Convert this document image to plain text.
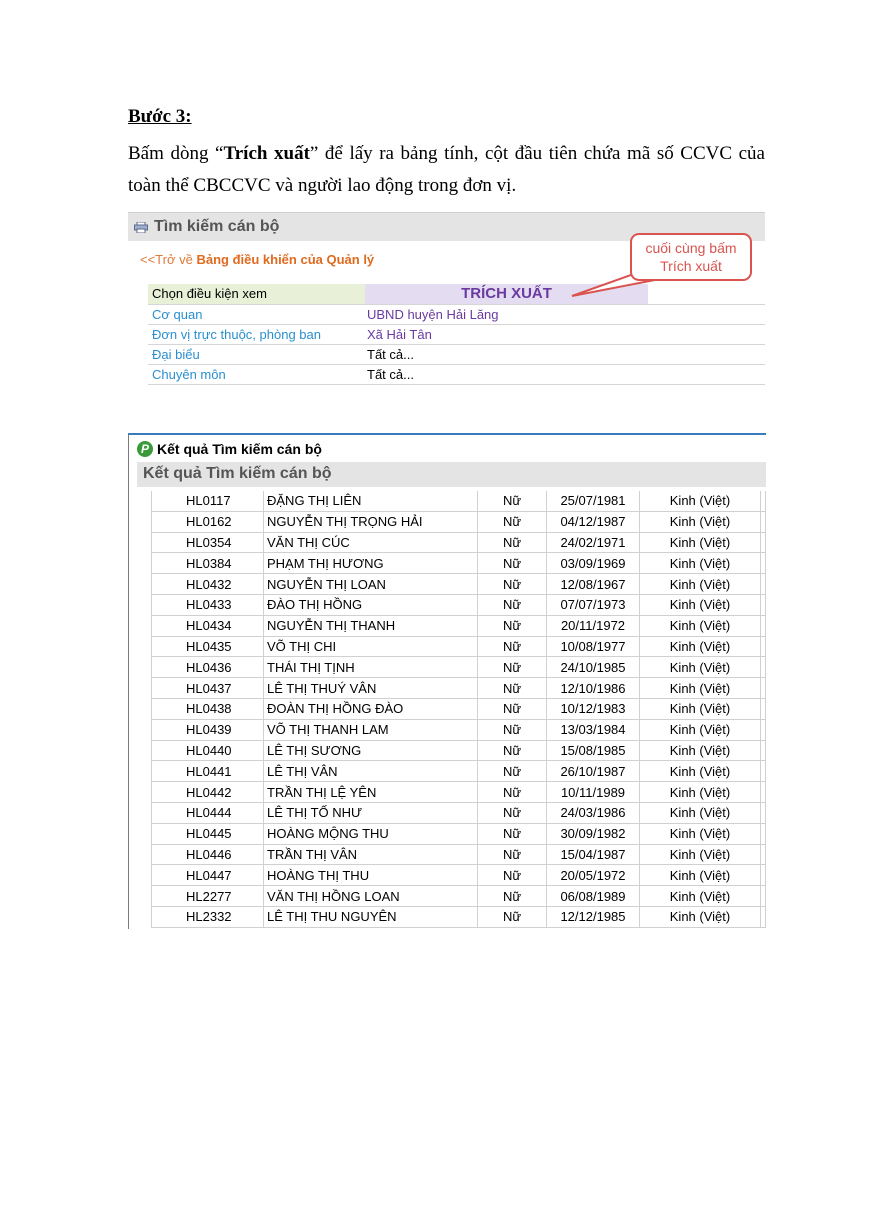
Bước 3:
Bấm dòng “Trích xuất” để lấy ra bảng tính, cột đầu tiên chứa mã số CCVC của toàn thể CBCCVC và người lao động trong đơn vị.
Tìm kiếm cán bộ
<<Trở về Bảng điều khiển của Quản lý
Chọn điều kiện xem	TRÍCH XUẤT	
Cơ quan	UBND huyện Hải Lăng	
Đơn vị trực thuộc, phòng ban	Xã Hải Tân	
Đại biểu	Tất cả...	
Chuyên môn	Tất cả...	
cuối cùng bấm
Trích xuất
P Kết quả Tìm kiếm cán bộ
Kết quả Tìm kiếm cán bộ
HL0117	ĐẶNG THỊ LIÊN	Nữ	25/07/1981	Kinh (Việt)	
HL0162	NGUYỄN THỊ TRỌNG HẢI	Nữ	04/12/1987	Kinh (Việt)	
HL0354	VĂN THỊ CÚC	Nữ	24/02/1971	Kinh (Việt)	
HL0384	PHẠM THỊ HƯƠNG	Nữ	03/09/1969	Kinh (Việt)	
HL0432	NGUYỄN THỊ LOAN	Nữ	12/08/1967	Kinh (Việt)	
HL0433	ĐÀO THỊ HỒNG	Nữ	07/07/1973	Kinh (Việt)	
HL0434	NGUYỄN THỊ THANH	Nữ	20/11/1972	Kinh (Việt)	
HL0435	VÕ THỊ CHI	Nữ	10/08/1977	Kinh (Việt)	
HL0436	THÁI THỊ TỊNH	Nữ	24/10/1985	Kinh (Việt)	
HL0437	LÊ THỊ THUÝ VÂN	Nữ	12/10/1986	Kinh (Việt)	
HL0438	ĐOÀN THỊ HỒNG ĐÀO	Nữ	10/12/1983	Kinh (Việt)	
HL0439	VÕ THỊ THANH LAM	Nữ	13/03/1984	Kinh (Việt)	
HL0440	LÊ THỊ SƯƠNG	Nữ	15/08/1985	Kinh (Việt)	
HL0441	LÊ THỊ VÂN	Nữ	26/10/1987	Kinh (Việt)	
HL0442	TRẦN THỊ LỆ YÊN	Nữ	10/11/1989	Kinh (Việt)	
HL0444	LÊ THỊ TỐ NHƯ	Nữ	24/03/1986	Kinh (Việt)	
HL0445	HOÀNG MỘNG THU	Nữ	30/09/1982	Kinh (Việt)	
HL0446	TRẦN THỊ VÂN	Nữ	15/04/1987	Kinh (Việt)	
HL0447	HOÀNG THỊ THU	Nữ	20/05/1972	Kinh (Việt)	
HL2277	VĂN THỊ HỒNG LOAN	Nữ	06/08/1989	Kinh (Việt)	
HL2332	LÊ THỊ THU NGUYÊN	Nữ	12/12/1985	Kinh (Việt)	
